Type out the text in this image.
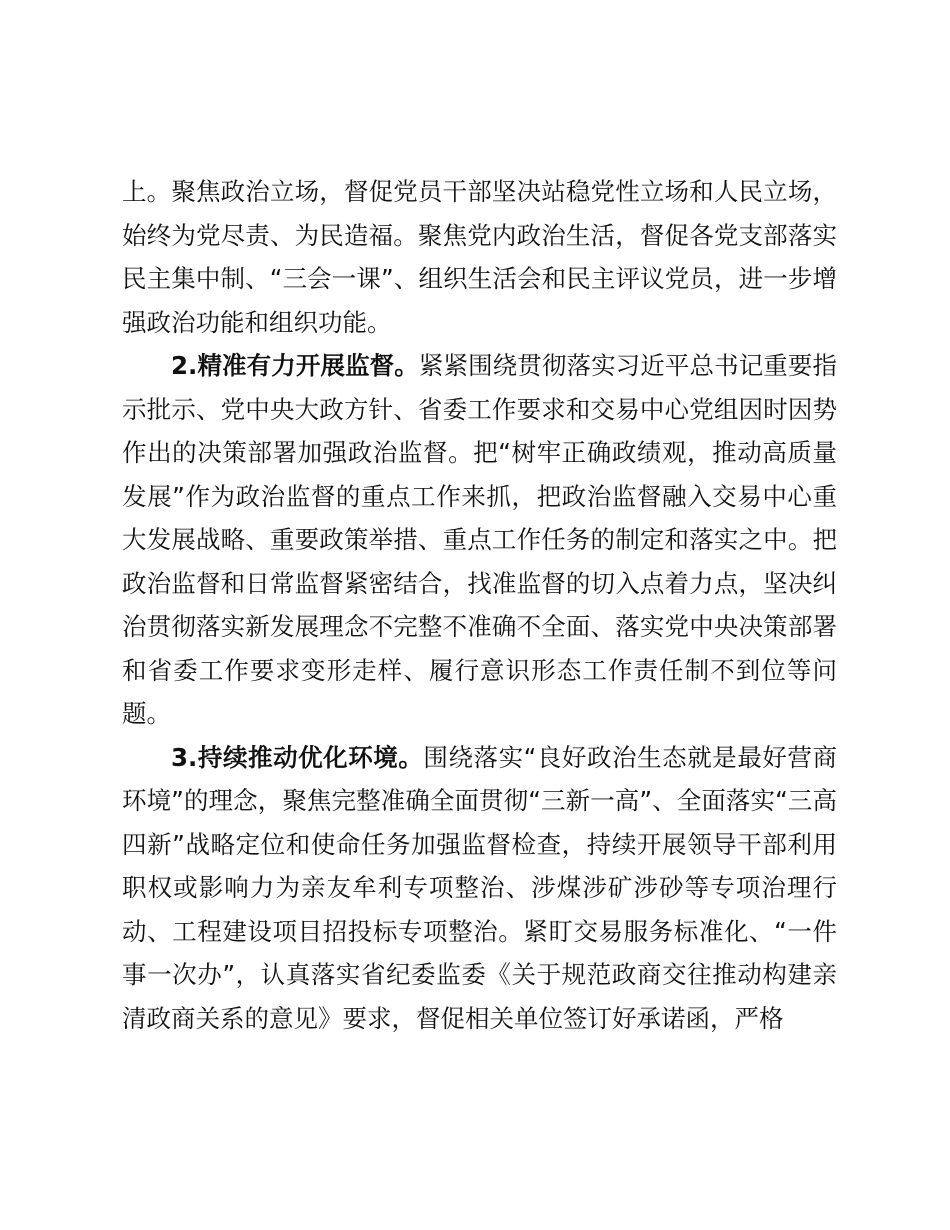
上。聚焦政治立场，督促党员干部坚决站稳党性立场和人民立场，始终为党尽责、为民造福。聚焦党内政治生活，督促各党支部落实民主集中制、“三会一课”、组织生活会和民主评议党员，进一步增强政治功能和组织功能。

2.精准有力开展监督。紧紧围绕贯彻落实习近平总书记重要指示批示、党中央大政方针、省委工作要求和交易中心党组因时因势作出的决策部署加强政治监督。把“树牢正确政绩观，推动高质量发展”作为政治监督的重点工作来抓，把政治监督融入交易中心重大发展战略、重要政策举措、重点工作任务的制定和落实之中。把政治监督和日常监督紧密结合，找准监督的切入点着力点，坚决纠治贯彻落实新发展理念不完整不准确不全面、落实党中央决策部署和省委工作要求变形走样、履行意识形态工作责任制不到位等问题。

3.持续推动优化环境。围绕落实“良好政治生态就是最好营商环境”的理念，聚焦完整准确全面贯彻“三新一高”、全面落实“三高四新”战略定位和使命任务加强监督检查，持续开展领导干部利用职权或影响力为亲友牟利专项整治、涉煤涉矿涉砂等专项治理行动、工程建设项目招投标专项整治。紧盯交易服务标准化、“一件事一次办”，认真落实省纪委监委《关于规范政商交往推动构建亲清政商关系的意见》要求，督促相关单位签订好承诺函，严格
